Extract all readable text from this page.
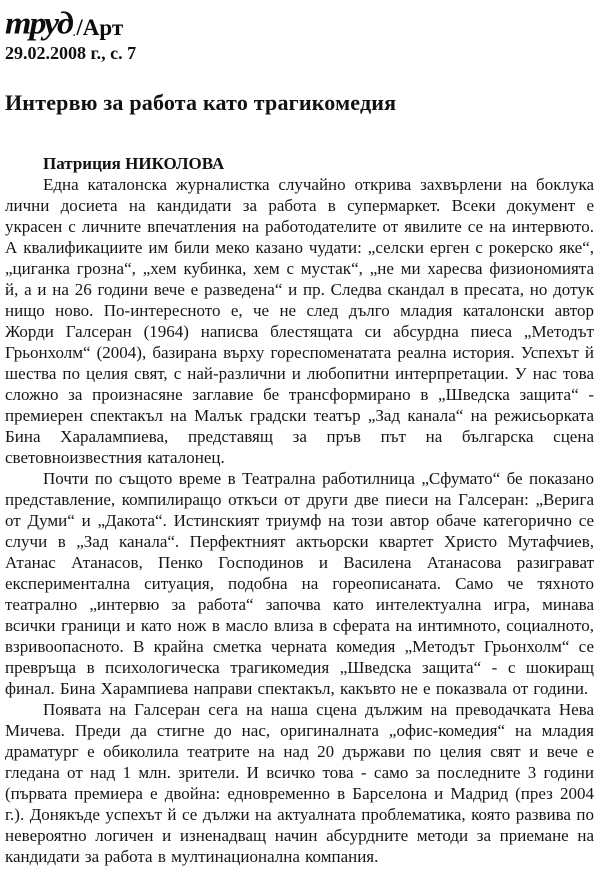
труд . /Арт
29.02.2008 г., с. 7
Интервю за работа като трагикомедия
Патриция НИКОЛОВА

Една каталонска журналистка случайно открива захвърлени на боклука лични досиета на кандидати за работа в супермаркет. Всеки документ е украсен с личните впечатления на работодателите от явилите се на интервюто. А квалификациите им били меко казано чудати: „селски ерген с рокерско яке“, „циганка грозна“, „хем кубинка, хем с мустак“, „не ми харесва физиономията й, а и на 26 години вече е разведена“ и пр. Следва скандал в пресата, но дотук нищо ново. По-интересното е, че не след дълго младия каталонски автор Жорди Галсеран (1964) написва блестящата си абсурдна пиеса „Методът Грьонхолм“ (2004), базирана върху гореспоменатата реална история. Успехът й шества по целия свят, с най-различни и любопитни интерпретации. У нас това сложно за произнасяне заглавие бе трансформирано в „Шведска защита“ - премиерен спектакъл на Малък градски театър „Зад канала“ на режисьорката Бина Харалампиева, представящ за пръв път на българска сцена световноизвестния каталонец.

Почти по същото време в Театрална работилница „Сфумато“ бе показано представление, компилиращо откъси от други две пиеси на Галсеран: „Верига от Думи“ и „Дакота“. Истинският триумф на този автор обаче категорично се случи в „Зад канала“. Перфектният актьорски квартет Христо Мутафчиев, Атанас Атанасов, Пенко Господинов и Василена Атанасова разиграват експериментална ситуация, подобна на гореописаната. Само че тяхното театрално „интервю за работа“ започва като интелектуална игра, минава всички граници и като нож в масло влиза в сферата на интимното, социалното, взривоопасното. В крайна сметка черната комедия „Методът Грьонхолм“ се превръща в психологическа трагикомедия „Шведска защита“ - с шокиращ финал. Бина Харампиева направи спектакъл, какъвто не е показвала от години.

Появата на Галсеран сега на наша сцена дължим на преводачката Нева Мичева. Преди да стигне до нас, оригиналната „офис-комедия“ на младия драматург е обиколила театрите на над 20 държави по целия свят и вече е гледана от над 1 млн. зрители. И всичко това - само за последните 3 години (първата премиера е двойна: едновременно в Барселона и Мадрид (през 2004 г.). Донякъде успехът й се дължи на актуалната проблематика, която развива по невероятно логичен и изненадващ начин абсурдните методи за приемане на кандидати за работа в мултинационална компания.
